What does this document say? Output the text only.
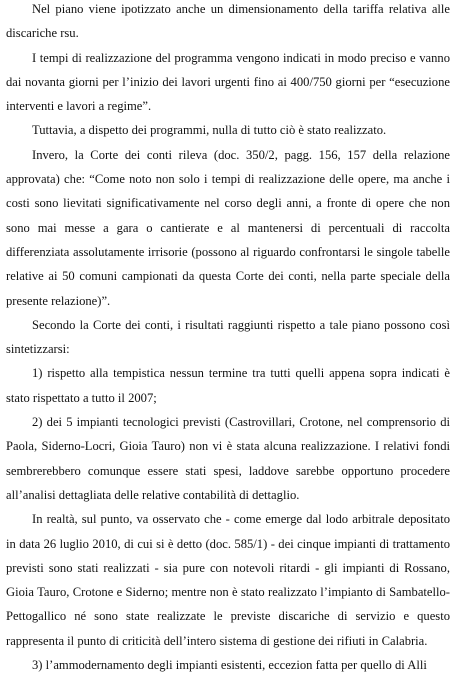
Nel piano viene ipotizzato anche un dimensionamento della tariffa relativa alle discariche rsu.

I tempi di realizzazione del programma vengono indicati in modo preciso e vanno dai novanta giorni per l’inizio dei lavori urgenti fino ai 400/750 giorni per “esecuzione interventi e lavori a regime”.

Tuttavia, a dispetto dei programmi, nulla di tutto ciò è stato realizzato.

Invero, la Corte dei conti rileva (doc. 350/2, pagg. 156, 157 della relazione approvata) che: “Come noto non solo i tempi di realizzazione delle opere, ma anche i costi sono lievitati significativamente nel corso degli anni, a fronte di opere che non sono mai messe a gara o cantierate e al mantenersi di percentuali di raccolta differenziata assolutamente irrisorie (possono al riguardo confrontarsi le singole tabelle relative ai 50 comuni campionati da questa Corte dei conti, nella parte speciale della presente relazione)”.

Secondo la Corte dei conti, i risultati raggiunti rispetto a tale piano possono così sintetizzarsi:

1) rispetto alla tempistica nessun termine tra tutti quelli appena sopra indicati è stato rispettato a tutto il 2007;

2) dei 5 impianti tecnologici previsti (Castrovillari, Crotone, nel comprensorio di Paola, Siderno-Locri, Gioia Tauro) non vi è stata alcuna realizzazione. I relativi fondi sembrerebbero comunque essere stati spesi, laddove sarebbe opportuno procedere all’analisi dettagliata delle relative contabilità di dettaglio.

In realtà, sul punto, va osservato che - come emerge dal lodo arbitrale depositato in data 26 luglio 2010, di cui si è detto (doc. 585/1) - dei cinque impianti di trattamento previsti sono stati realizzati - sia pure con notevoli ritardi - gli impianti di Rossano, Gioia Tauro, Crotone e Siderno; mentre non è stato realizzato l’impianto di Sambatello-Pettogallico né sono state realizzate le previste discariche di servizio e questo rappresenta il punto di criticità dell’intero sistema di gestione dei rifiuti in Calabria.

3) l’ammodernamento degli impianti esistenti, eccezion fatta per quello di Alli
